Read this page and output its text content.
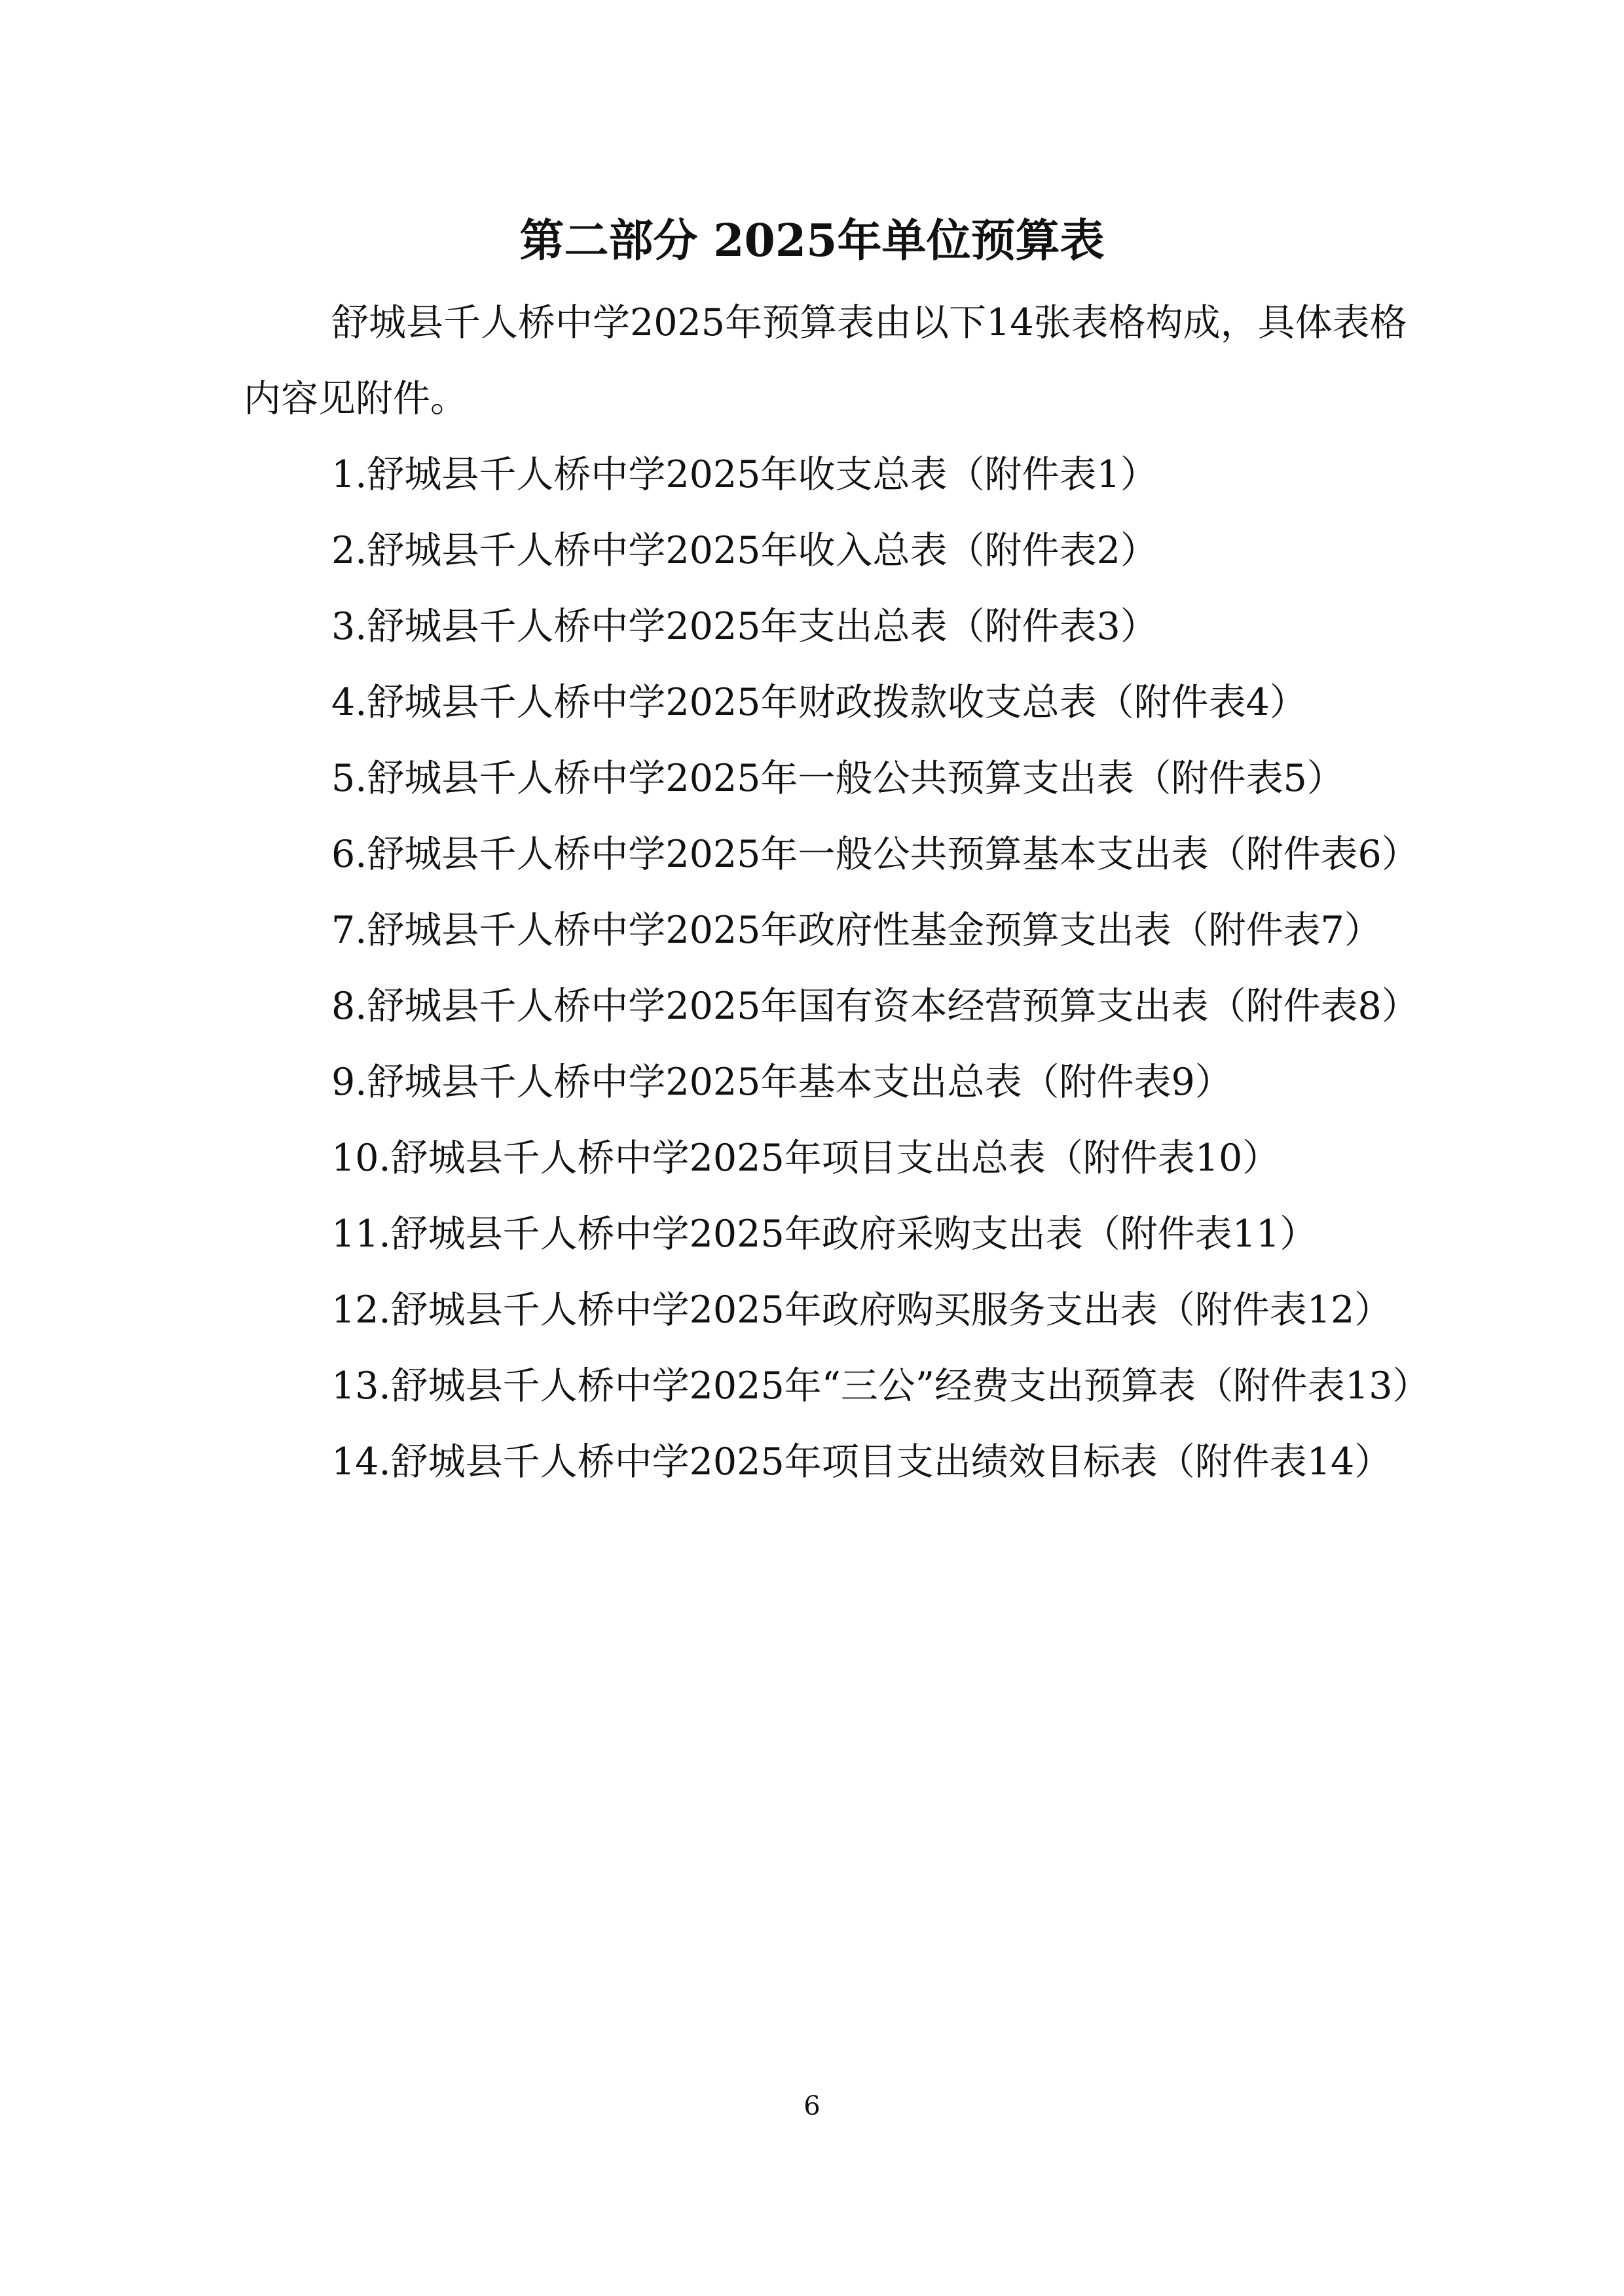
第二部分 2025年单位预算表

舒城县千人桥中学2025年预算表由以下14张表格构成，具体表格内容见附件。

1.舒城县千人桥中学2025年收支总表（附件表1）

2.舒城县千人桥中学2025年收入总表（附件表2）

3.舒城县千人桥中学2025年支出总表（附件表3）

4.舒城县千人桥中学2025年财政拨款收支总表（附件表4）

5.舒城县千人桥中学2025年一般公共预算支出表（附件表5）

6.舒城县千人桥中学2025年一般公共预算基本支出表（附件表6）

7.舒城县千人桥中学2025年政府性基金预算支出表（附件表7）

8.舒城县千人桥中学2025年国有资本经营预算支出表（附件表8）

9.舒城县千人桥中学2025年基本支出总表（附件表9）

10.舒城县千人桥中学2025年项目支出总表（附件表10）

11.舒城县千人桥中学2025年政府采购支出表（附件表11）

12.舒城县千人桥中学2025年政府购买服务支出表（附件表12）

13.舒城县千人桥中学2025年“三公”经费支出预算表（附件表13）

14.舒城县千人桥中学2025年项目支出绩效目标表（附件表14）

6
